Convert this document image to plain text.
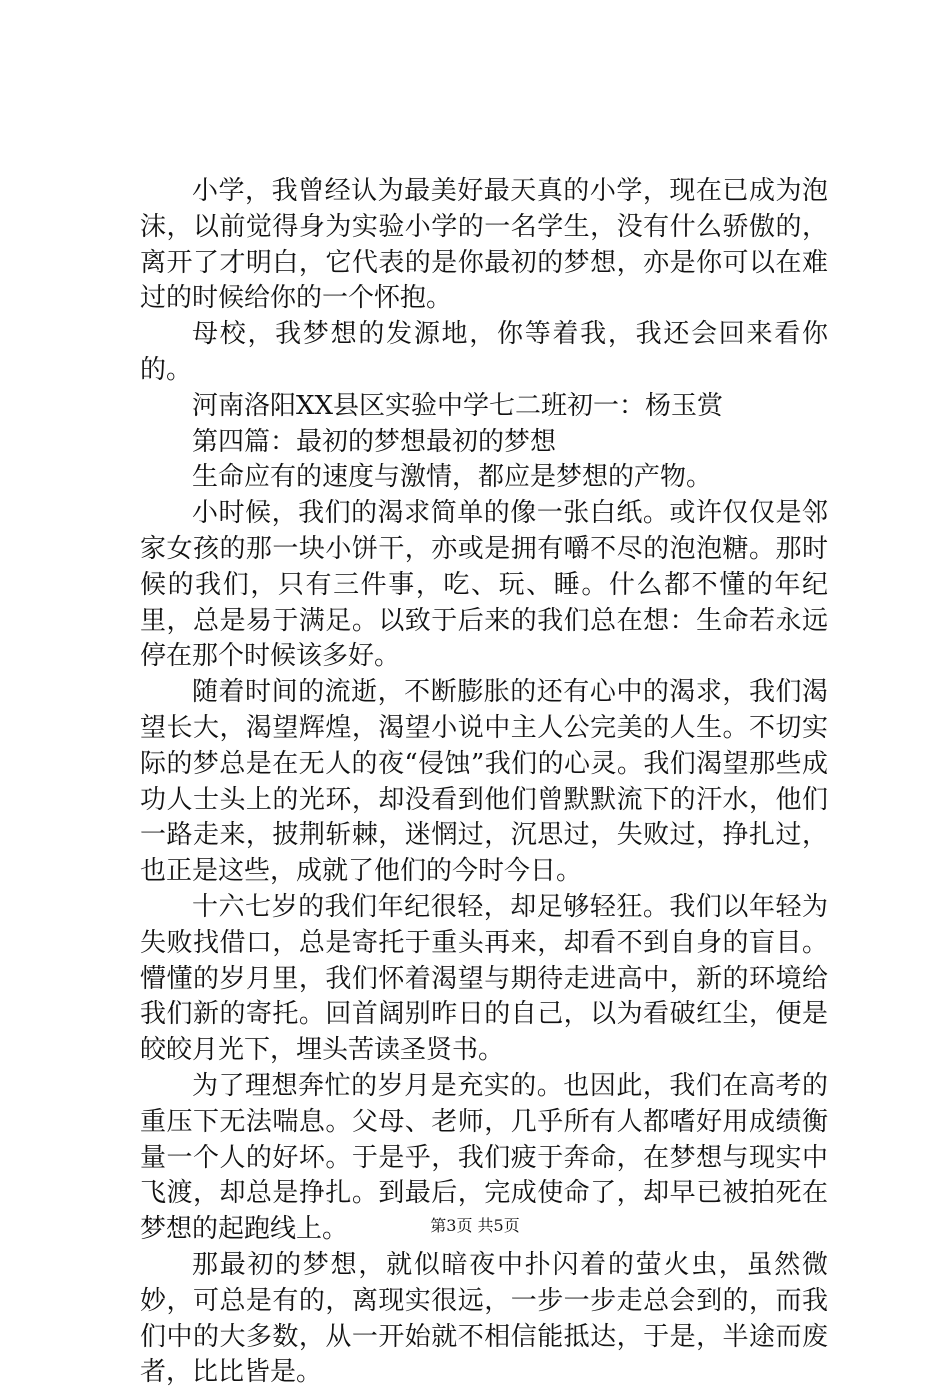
小学，我曾经认为最美好最天真的小学，现在已成为泡沫，以前觉得身为实验小学的一名学生，没有什么骄傲的，离开了才明白，它代表的是你最初的梦想，亦是你可以在难过的时候给你的一个怀抱。

母校，我梦想的发源地，你等着我，我还会回来看你的。

河南洛阳XX县区实验中学七二班初一：杨玉赏

第四篇：最初的梦想最初的梦想

生命应有的速度与激情，都应是梦想的产物。

小时候，我们的渴求简单的像一张白纸。或许仅仅是邻家女孩的那一块小饼干，亦或是拥有嚼不尽的泡泡糖。那时候的我们，只有三件事，吃、玩、睡。什么都不懂的年纪里，总是易于满足。以致于后来的我们总在想：生命若永远停在那个时候该多好。

随着时间的流逝，不断膨胀的还有心中的渴求，我们渴望长大，渴望辉煌，渴望小说中主人公完美的人生。不切实际的梦总是在无人的夜“侵蚀”我们的心灵。我们渴望那些成功人士头上的光环，却没看到他们曾默默流下的汗水，他们一路走来，披荆斩棘，迷惘过，沉思过，失败过，挣扎过，也正是这些，成就了他们的今时今日。

十六七岁的我们年纪很轻，却足够轻狂。我们以年轻为失败找借口，总是寄托于重头再来，却看不到自身的盲目。懵懂的岁月里，我们怀着渴望与期待走进高中，新的环境给我们新的寄托。回首阔别昨日的自己，以为看破红尘，便是皎皎月光下，埋头苦读圣贤书。

为了理想奔忙的岁月是充实的。也因此，我们在高考的重压下无法喘息。父母、老师，几乎所有人都嗜好用成绩衡量一个人的好坏。于是乎，我们疲于奔命，在梦想与现实中飞渡，却总是挣扎。到最后，完成使命了，却早已被拍死在梦想的起跑线上。

那最初的梦想，就似暗夜中扑闪着的萤火虫，虽然微妙，可总是有的，离现实很远，一步一步走总会到的，而我们中的大多数，从一开始就不相信能抵达，于是，半途而废者，比比皆是。

第3页 共5页
